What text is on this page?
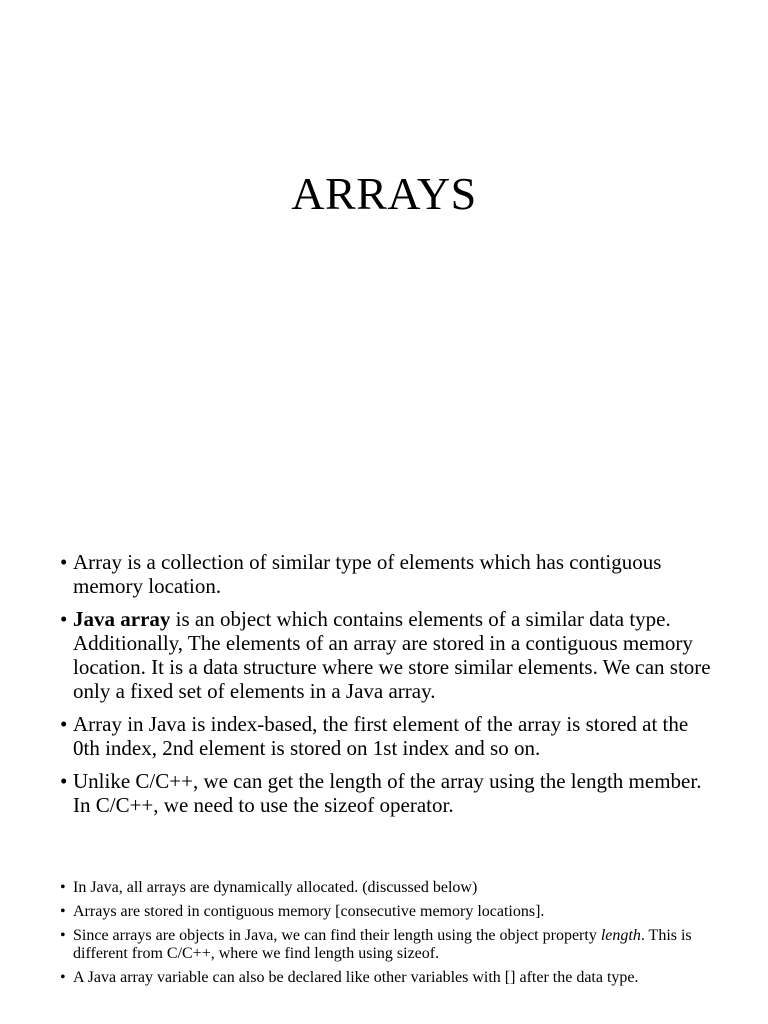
ARRAYS
• Array is a collection of similar type of elements which has contiguous memory location.
• Java array is an object which contains elements of a similar data type. Additionally, The elements of an array are stored in a contiguous memory location. It is a data structure where we store similar elements. We can store only a fixed set of elements in a Java array.
• Array in Java is index-based, the first element of the array is stored at the 0th index, 2nd element is stored on 1st index and so on.
• Unlike C/C++, we can get the length of the array using the length member. In C/C++, we need to use the sizeof operator.
• In Java, all arrays are dynamically allocated. (discussed below)
• Arrays are stored in contiguous memory [consecutive memory locations].
• Since arrays are objects in Java, we can find their length using the object property length. This is different from C/C++, where we find length using sizeof.
• A Java array variable can also be declared like other variables with [] after the data type.
